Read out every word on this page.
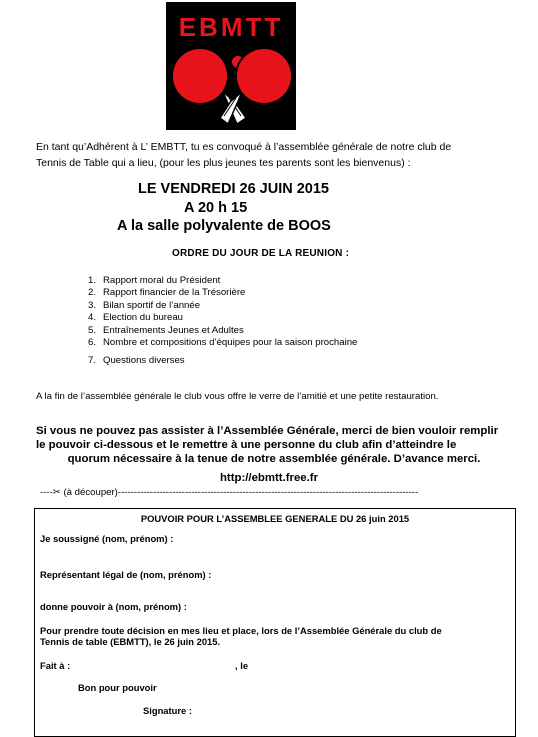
EBMTT
En tant qu’Adhérent à L’ EMBTT, tu es convoqué à l’assemblée générale de notre club de
Tennis de Table qui a lieu, (pour les plus jeunes tes parents sont les bienvenus) :
LE VENDREDI 26 JUIN 2015
A 20 h 15
A la salle polyvalente de BOOS
ORDRE DU JOUR DE LA REUNION :
1. Rapport moral du Président
2. Rapport financier de la Trésorière
3. Bilan sportif de l’année
4. Election du bureau
5. Entraînements Jeunes et Adultes
6. Nombre et compositions d’équipes pour la saison prochaine
7. Questions diverses
A la fin de l’assemblée générale le club vous offre le verre de l’amitié et une petite restauration.
Si vous ne pouvez pas assister à l’Assemblée Générale, merci de bien vouloir remplir
le pouvoir ci-dessous et le remettre à une personne du club afin d’atteindre le
quorum nécessaire à la tenue de notre assemblée générale. D’avance merci.
http://ebmtt.free.fr
----✂ (à découper)----------------------------------------------------------------------------------------------
POUVOIR POUR L’ASSEMBLEE GENERALE DU 26 juin 2015
Je soussigné (nom, prénom) :
Représentant légal de (nom, prénom) :
donne pouvoir à (nom, prénom) :
Pour prendre toute décision en mes lieu et place, lors de l’Assemblée Générale du club de
Tennis de table (EBMTT), le 26 juin 2015.
Fait à :	, le
Bon pour pouvoir
Signature :
